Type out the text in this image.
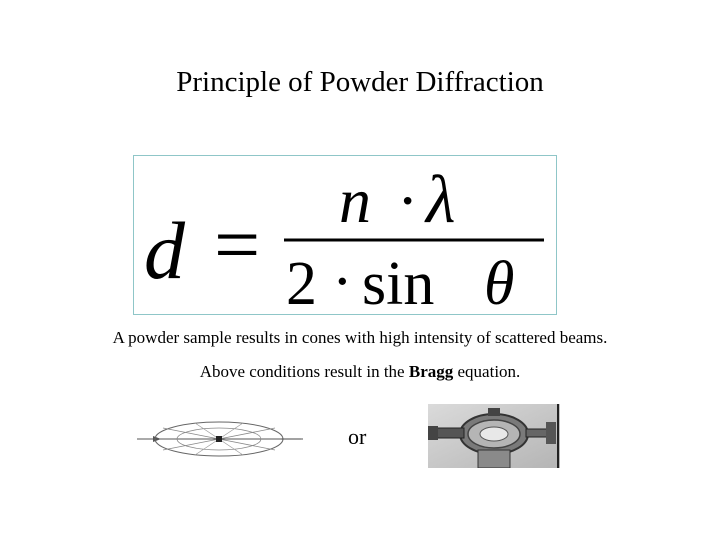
Principle of Powder Diffraction
d = n · λ
2 · sin θ
A powder sample results in cones with high intensity of scattered beams.
Above conditions result in the Bragg equation.
or
